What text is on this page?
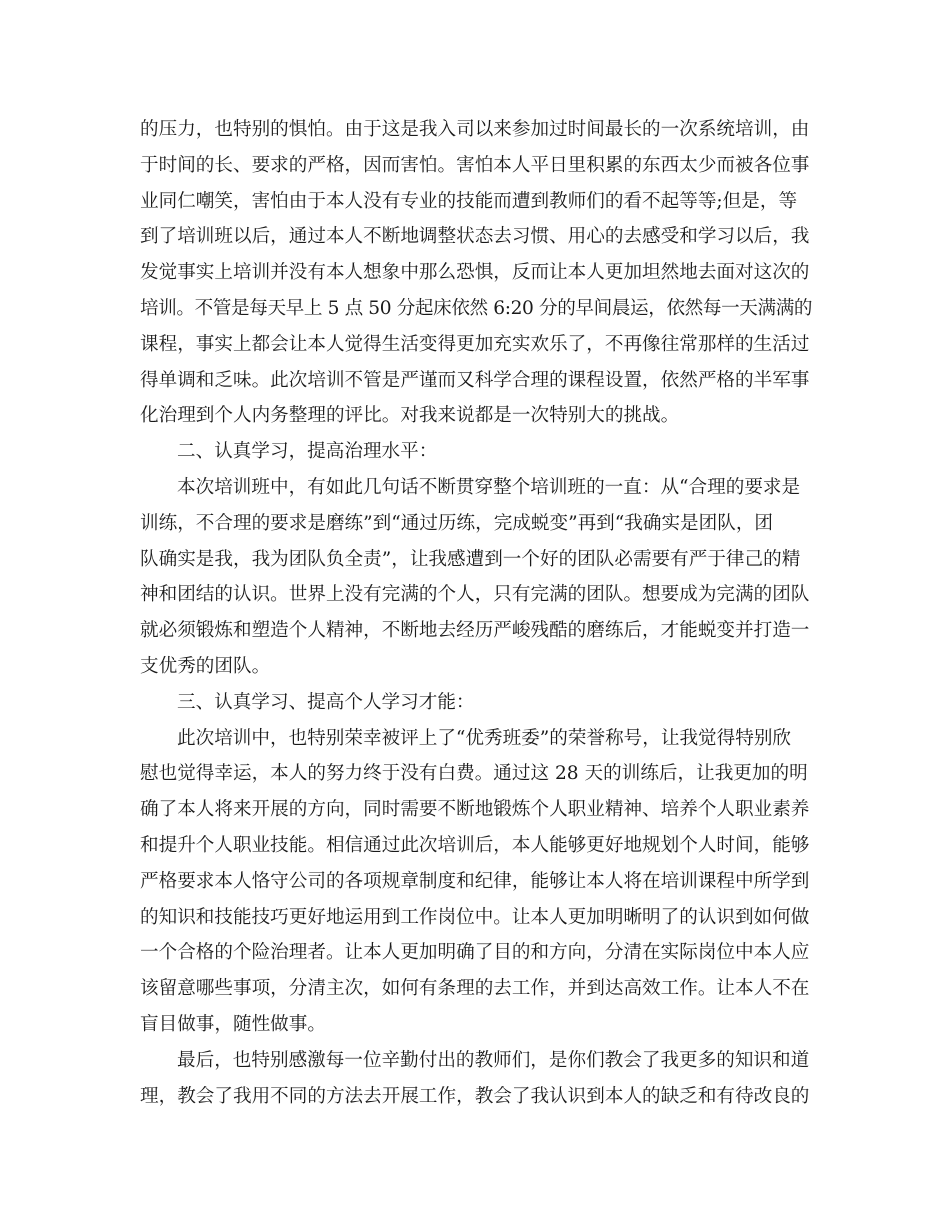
的压力，也特别的惧怕。由于这是我入司以来参加过时间最长的一次系统培训，由
于时间的长、要求的严格，因而害怕。害怕本人平日里积累的东西太少而被各位事
业同仁嘲笑，害怕由于本人没有专业的技能而遭到教师们的看不起等等;但是，等
到了培训班以后，通过本人不断地调整状态去习惯、用心的去感受和学习以后，我
发觉事实上培训并没有本人想象中那么恐惧，反而让本人更加坦然地去面对这次的
培训。不管是每天早上 5 点 50 分起床依然 6:20 分的早间晨运，依然每一天满满的
课程，事实上都会让本人觉得生活变得更加充实欢乐了，不再像往常那样的生活过
得单调和乏味。此次培训不管是严谨而又科学合理的课程设置，依然严格的半军事
化治理到个人内务整理的评比。对我来说都是一次特别大的挑战。
二、认真学习，提高治理水平：
本次培训班中，有如此几句话不断贯穿整个培训班的一直：从“合理的要求是
训练，不合理的要求是磨练”到“通过历练，完成蜕变”再到“我确实是团队，团
队确实是我，我为团队负全责”，让我感遭到一个好的团队必需要有严于律己的精
神和团结的认识。世界上没有完满的个人，只有完满的团队。想要成为完满的团队
就必须锻炼和塑造个人精神，不断地去经历严峻残酷的磨练后，才能蜕变并打造一
支优秀的团队。
三、认真学习、提高个人学习才能：
此次培训中，也特别荣幸被评上了“优秀班委”的荣誉称号，让我觉得特别欣
慰也觉得幸运，本人的努力终于没有白费。通过这 28 天的训练后，让我更加的明
确了本人将来开展的方向，同时需要不断地锻炼个人职业精神、培养个人职业素养
和提升个人职业技能。相信通过此次培训后，本人能够更好地规划个人时间，能够
严格要求本人恪守公司的各项规章制度和纪律，能够让本人将在培训课程中所学到
的知识和技能技巧更好地运用到工作岗位中。让本人更加明晰明了的认识到如何做
一个合格的个险治理者。让本人更加明确了目的和方向，分清在实际岗位中本人应
该留意哪些事项，分清主次，如何有条理的去工作，并到达高效工作。让本人不在
盲目做事，随性做事。
最后，也特别感激每一位辛勤付出的教师们，是你们教会了我更多的知识和道
理，教会了我用不同的方法去开展工作，教会了我认识到本人的缺乏和有待改良的
